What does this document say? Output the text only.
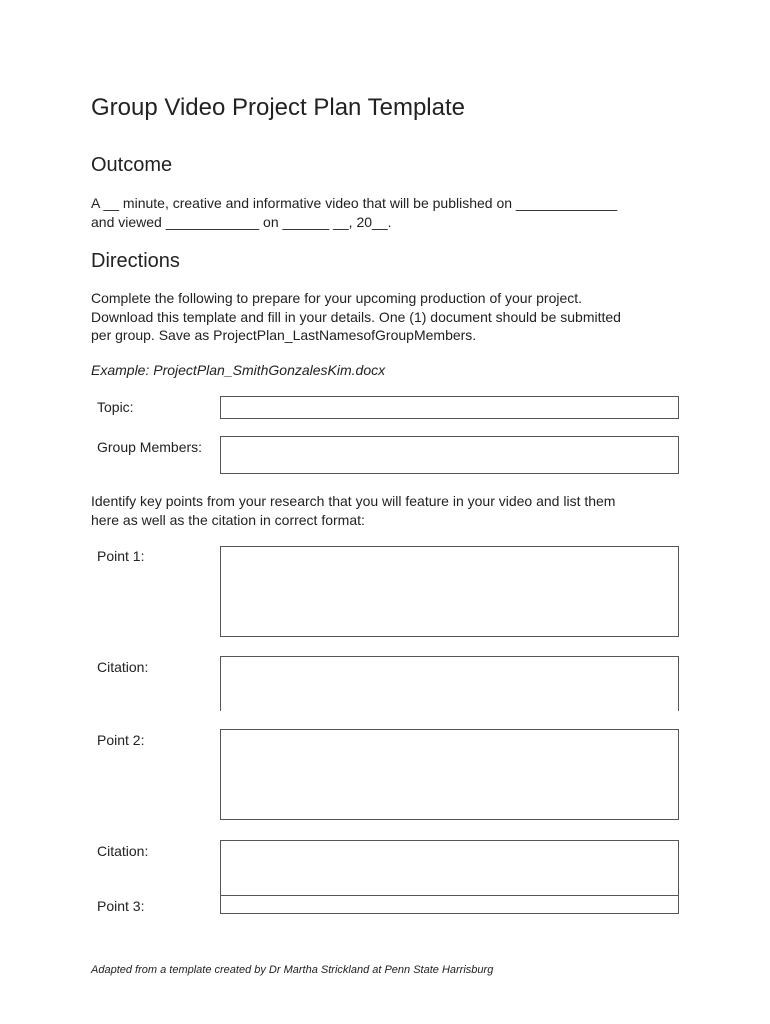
Group Video Project Plan Template
Outcome
A __ minute, creative and informative video that will be published on _____________
and viewed ____________ on ______ __, 20__.
Directions
Complete the following to prepare for your upcoming production of your project.
Download this template and fill in your details. One (1) document should be submitted
per group. Save as ProjectPlan_LastNamesofGroupMembers.
Example: ProjectPlan_SmithGonzalesKim.docx
Topic:
Group Members:
Identify key points from your research that you will feature in your video and list them
here as well as the citation in correct format:
Point 1:
Citation:
Point 2:
Citation:
Point 3:
Adapted from a template created by Dr Martha Strickland at Penn State Harrisburg
